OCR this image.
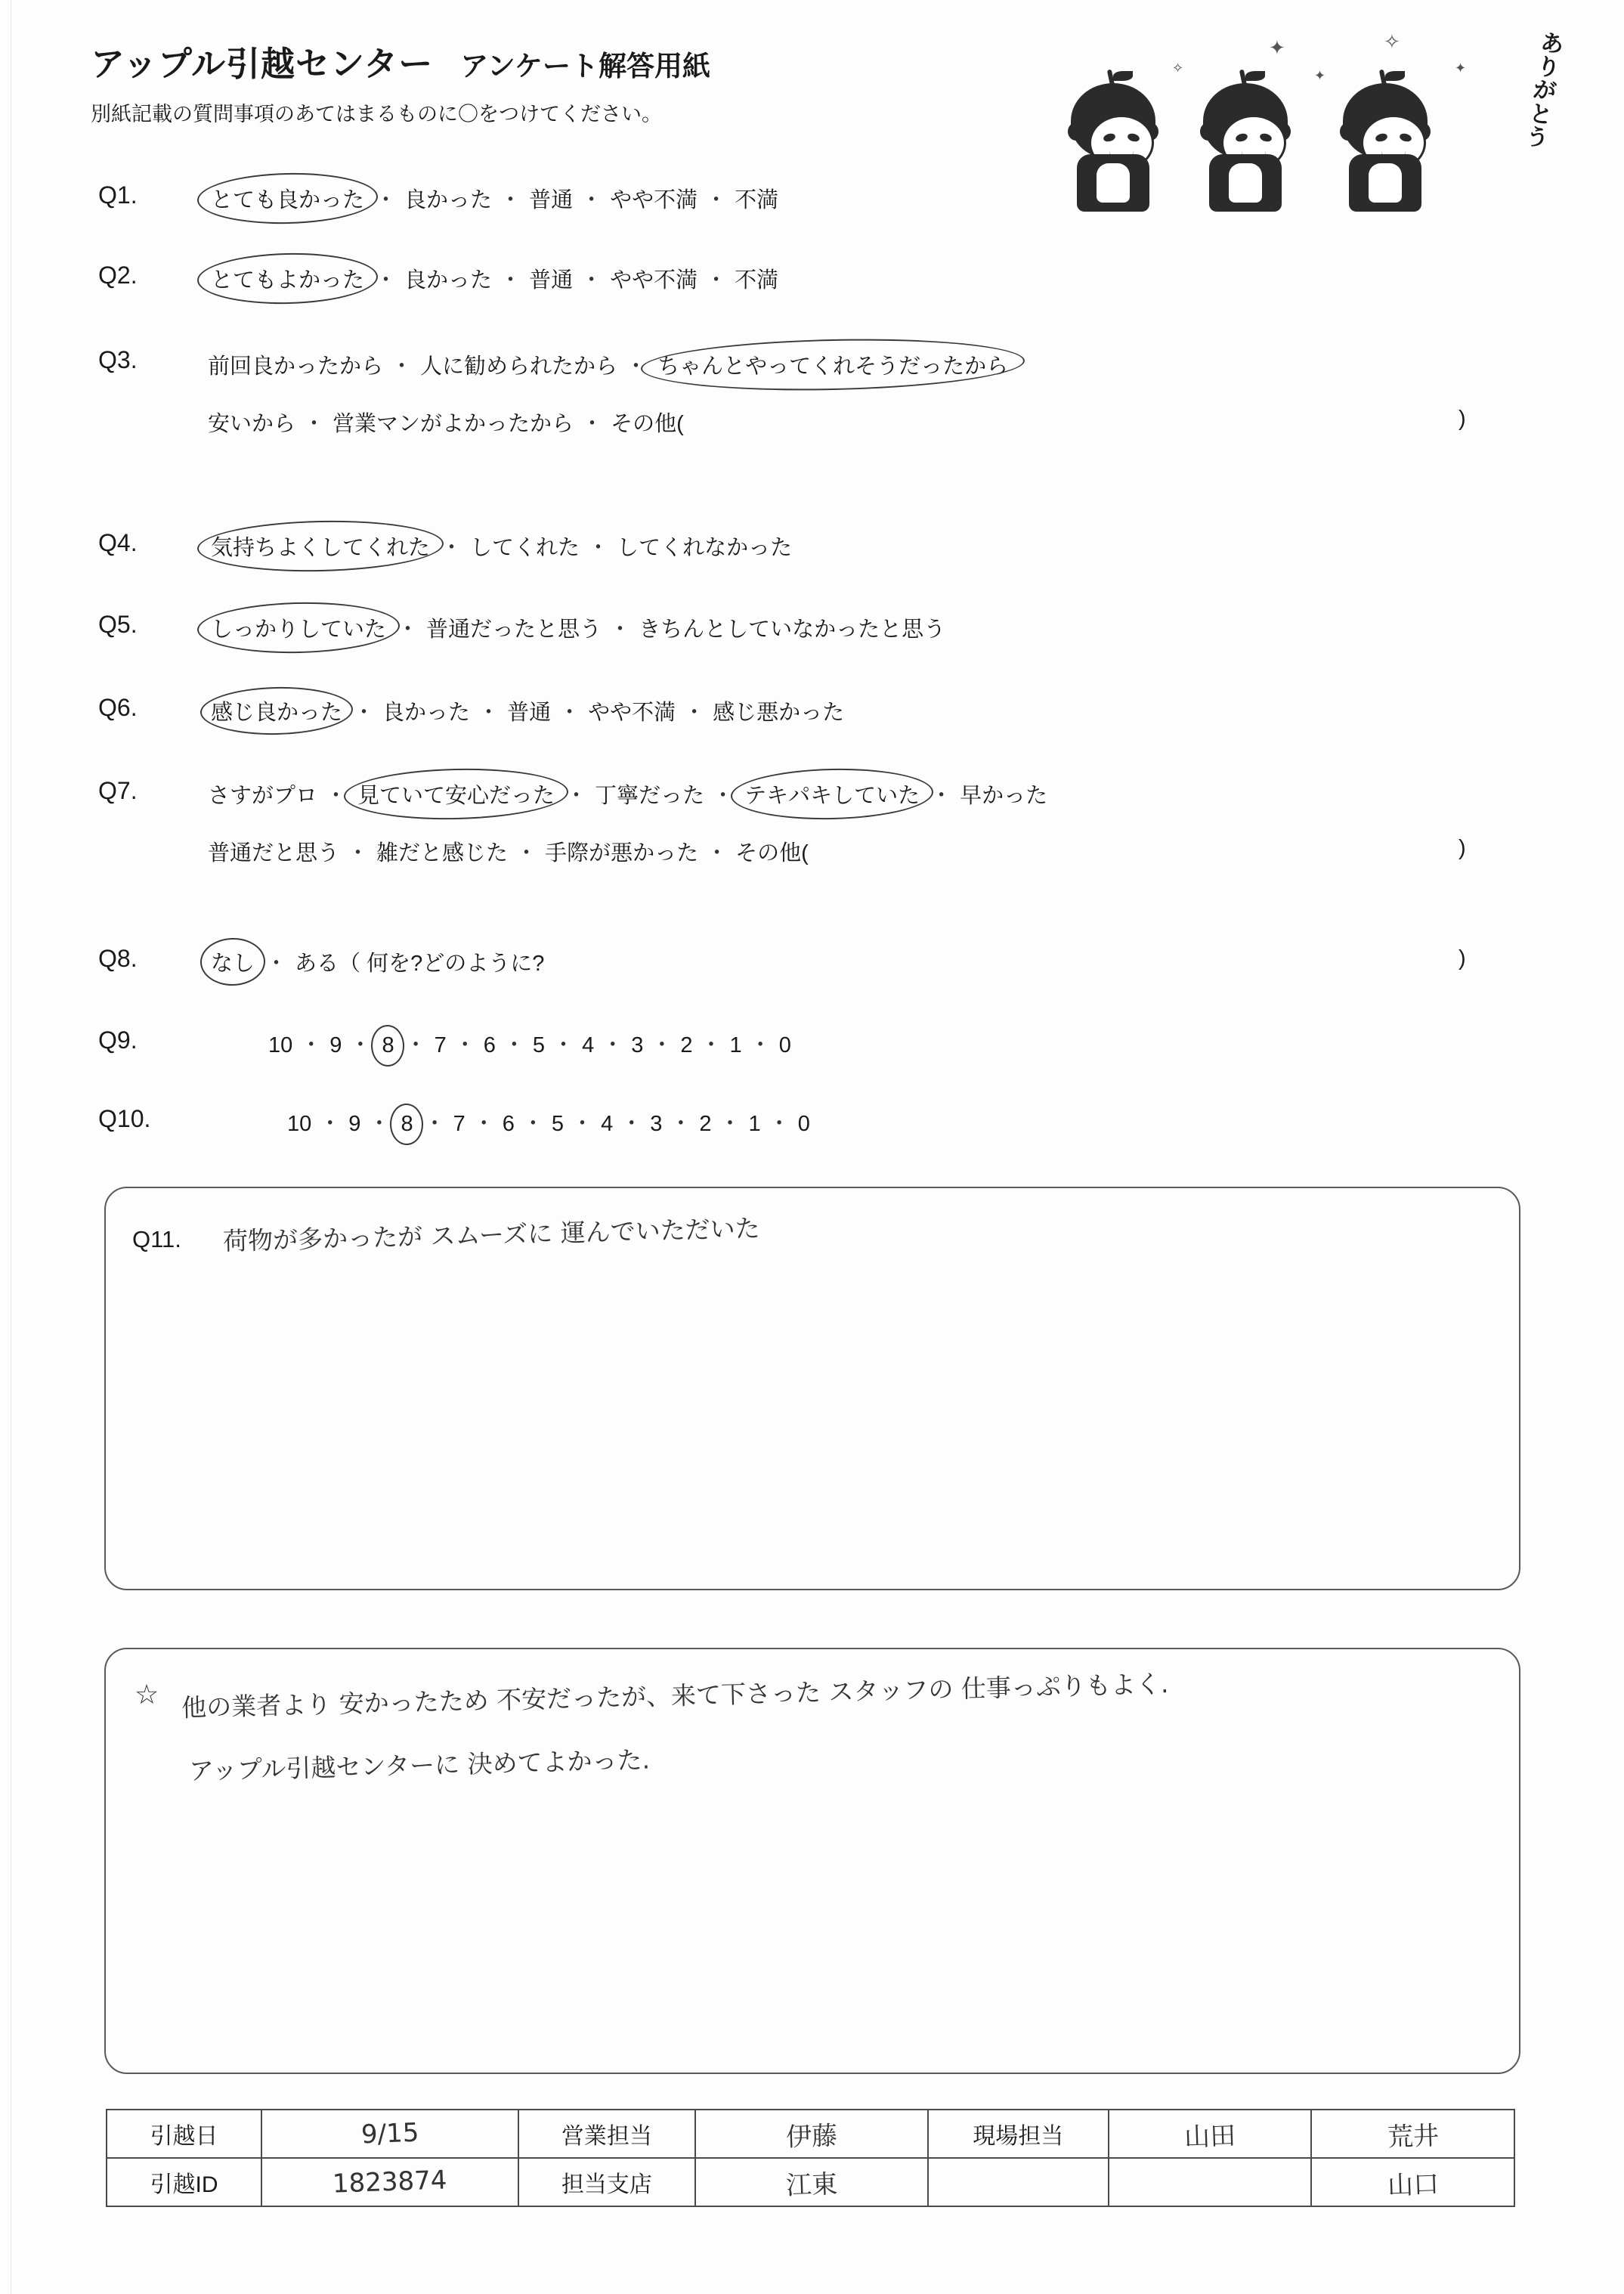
アップル引越センター アンケート解答用紙
別紙記載の質問事項のあてはまるものに〇をつけてください。
ありがとう
✦
✦
✧
✦
✧
Q1.	とても良かった ・ 良かった ・ 普通 ・ やや不満 ・ 不満
Q2.	とてもよかった ・ 良かった ・ 普通 ・ やや不満 ・ 不満
Q3.	前回良かったから ・ 人に勧められたから ・ ちゃんとやってくれそうだったから
安いから ・ 営業マンがよかったから ・ その他(	)
Q4.	気持ちよくしてくれた ・ してくれた ・ してくれなかった
Q5.	しっかりしていた ・ 普通だったと思う ・ きちんとしていなかったと思う
Q6.	感じ良かった ・ 良かった ・ 普通 ・ やや不満 ・ 感じ悪かった
Q7.	さすがプロ ・ 見ていて安心だった ・ 丁寧だった ・ テキパキしていた ・ 早かった
普通だと思う ・ 雑だと感じた ・ 手際が悪かった ・ その他(	)
Q8.	なし ・ ある（ 何を?どのように?	)
Q9.	10 ・ 9 ・ 8 ・ 7 ・ 6 ・ 5 ・ 4 ・ 3 ・ 2 ・ 1 ・ 0
Q10.	10 ・ 9 ・ 8 ・ 7 ・ 6 ・ 5 ・ 4 ・ 3 ・ 2 ・ 1 ・ 0
Q11. 荷物が多かったが スムーズに 運んでいただいた
☆ 他の業者より 安かったため 不安だったが、来て下さった スタッフの 仕事っぷりもよく.
アップル引越センターに 決めてよかった.
引越日	9/15	営業担当	伊藤	現場担当	山田	荒井
引越ID	1823874	担当支店	江東			山口
